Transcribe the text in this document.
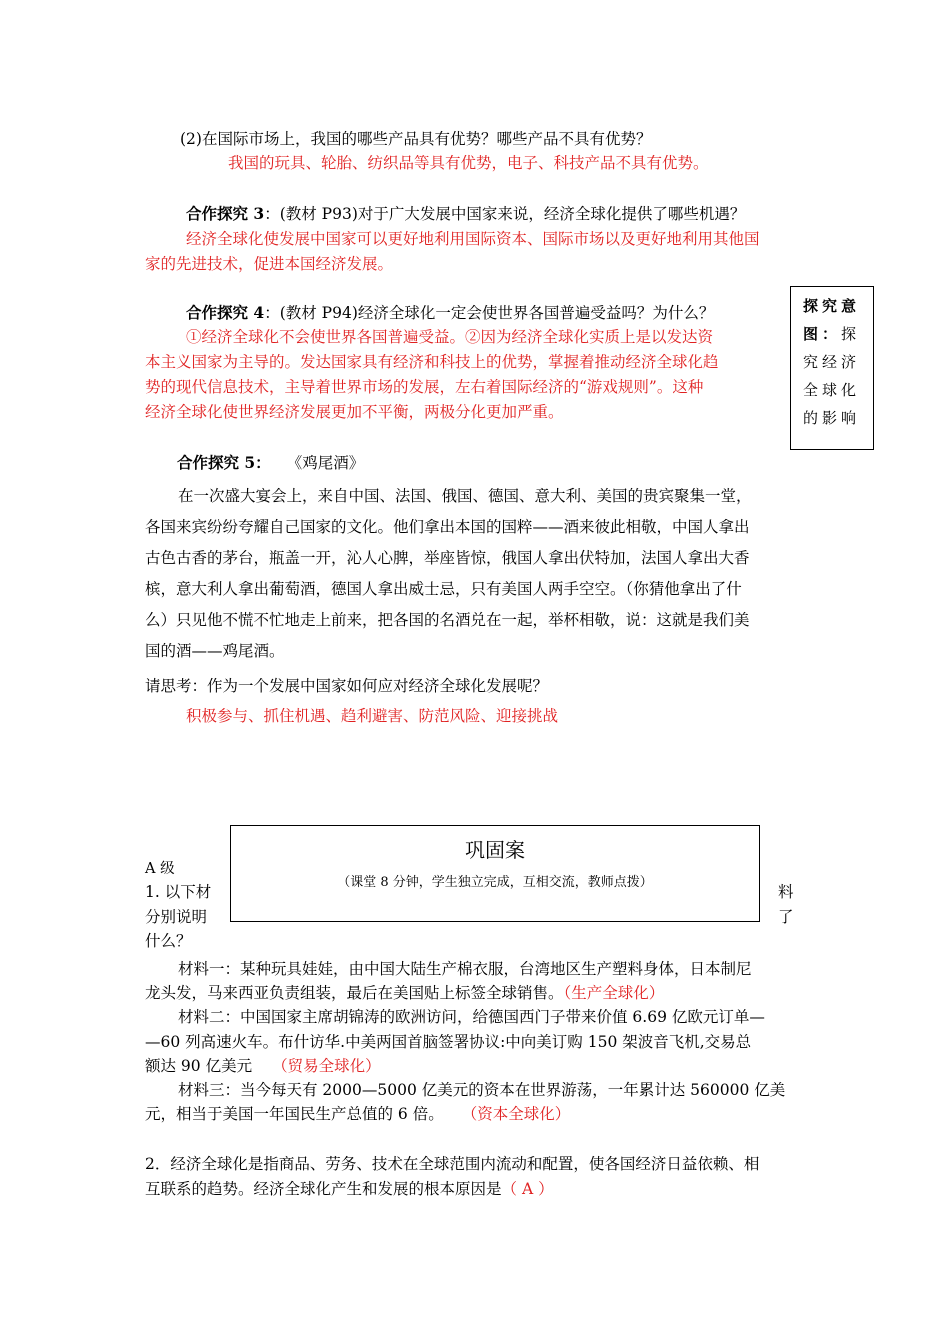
(2)在国际市场上，我国的哪些产品具有优势？哪些产品不具有优势？
我国的玩具、轮胎、纺织品等具有优势，电子、科技产品不具有优势。
合作探究 3：(教材 P93)对于广大发展中国家来说，经济全球化提供了哪些机遇？
经济全球化使发展中国家可以更好地利用国际资本、国际市场以及更好地利用其他国
家的先进技术，促进本国经济发展。
合作探究 4：(教材 P94)经济全球化一定会使世界各国普遍受益吗？为什么？
①经济全球化不会使世界各国普遍受益。②因为经济全球化实质上是以发达资
本主义国家为主导的。发达国家具有经济和科技上的优势，掌握着推动经济全球化趋
势的现代信息技术，主导着世界市场的发展，左右着国际经济的“游戏规则”。这种
经济全球化使世界经济发展更加不平衡，两极分化更加严重。
探究意图：探究经济全球化的影响
合作探究 5： 《鸡尾酒》
在一次盛大宴会上，来自中国、法国、俄国、德国、意大利、美国的贵宾聚集一堂，
各国来宾纷纷夸耀自己国家的文化。他们拿出本国的国粹——酒来彼此相敬，中国人拿出
古色古香的茅台，瓶盖一开，沁人心脾，举座皆惊，俄国人拿出伏特加，法国人拿出大香
槟，意大利人拿出葡萄酒，德国人拿出威士忌，只有美国人两手空空。（你猜他拿出了什
么）只见他不慌不忙地走上前来，把各国的名酒兑在一起，举杯相敬，说：这就是我们美
国的酒——鸡尾酒。
请思考：作为一个发展中国家如何应对经济全球化发展呢？
积极参与、抓住机遇、趋利避害、防范风险、迎接挑战
巩固案
（课堂 8 分钟，学生独立完成，互相交流，教师点拨）
A 级
1. 以下材
分别说明
什么？
料
了
材料一：某种玩具娃娃，由中国大陆生产棉衣服，台湾地区生产塑料身体，日本制尼
龙头发，马来西亚负责组装，最后在美国贴上标签全球销售。（生产全球化）
材料二：中国国家主席胡锦涛的欧洲访问，给德国西门子带来价值 6.69 亿欧元订单—
—60 列高速火车。布什访华.中美两国首脑签署协议:中向美订购 150 架波音飞机,交易总
额达 90 亿美元 （贸易全球化）
材料三：当今每天有 2000—5000 亿美元的资本在世界游荡，一年累计达 560000 亿美
元，相当于美国一年国民生产总值的 6 倍。 （资本全球化）
2．经济全球化是指商品、劳务、技术在全球范围内流动和配置，使各国经济日益依赖、相
互联系的趋势。经济全球化产生和发展的根本原因是（ A ）
